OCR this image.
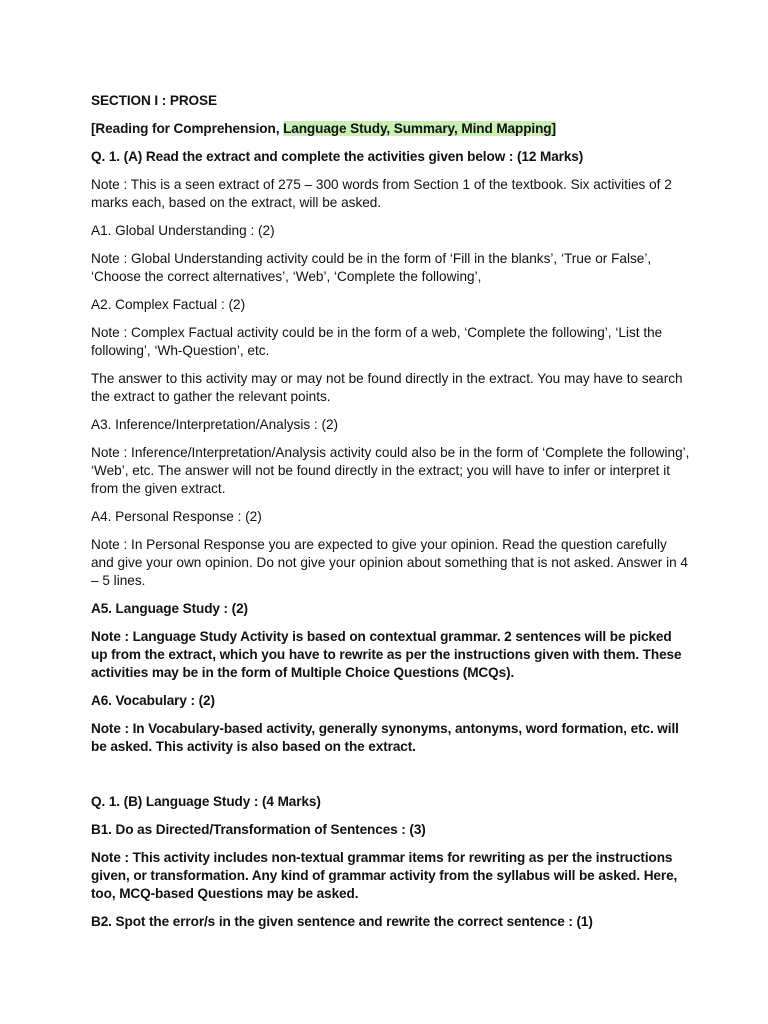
SECTION I : PROSE

[Reading for Comprehension, Language Study, Summary, Mind Mapping]

Q. 1. (A) Read the extract and complete the activities given below : (12 Marks)

Note : This is a seen extract of 275 – 300 words from Section 1 of the textbook. Six activities of 2 marks each, based on the extract, will be asked.

A1. Global Understanding : (2)

Note : Global Understanding activity could be in the form of ‘Fill in the blanks’, ‘True or False’, ‘Choose the correct alternatives’, ‘Web’, ‘Complete the following’,

A2. Complex Factual : (2)

Note : Complex Factual activity could be in the form of a web, ‘Complete the following’, ‘List the following’, ‘Wh-Question’, etc.

The answer to this activity may or may not be found directly in the extract. You may have to search the extract to gather the relevant points.

A3. Inference/Interpretation/Analysis : (2)

Note : Inference/Interpretation/Analysis activity could also be in the form of ‘Complete the following’, ‘Web’, etc. The answer will not be found directly in the extract; you will have to infer or interpret it from the given extract.

A4. Personal Response : (2)

Note : In Personal Response you are expected to give your opinion. Read the question carefully and give your own opinion. Do not give your opinion about something that is not asked. Answer in 4 – 5 lines.

A5. Language Study : (2)

Note : Language Study Activity is based on contextual grammar. 2 sentences will be picked up from the extract, which you have to rewrite as per the instructions given with them. These activities may be in the form of Multiple Choice Questions (MCQs).

A6. Vocabulary : (2)

Note : In Vocabulary-based activity, generally synonyms, antonyms, word formation, etc. will be asked. This activity is also based on the extract.

Q. 1. (B) Language Study : (4 Marks)

B1. Do as Directed/Transformation of Sentences : (3)

Note : This activity includes non-textual grammar items for rewriting as per the instructions given, or transformation. Any kind of grammar activity from the syllabus will be asked. Here, too, MCQ-based Questions may be asked.

B2. Spot the error/s in the given sentence and rewrite the correct sentence : (1)
